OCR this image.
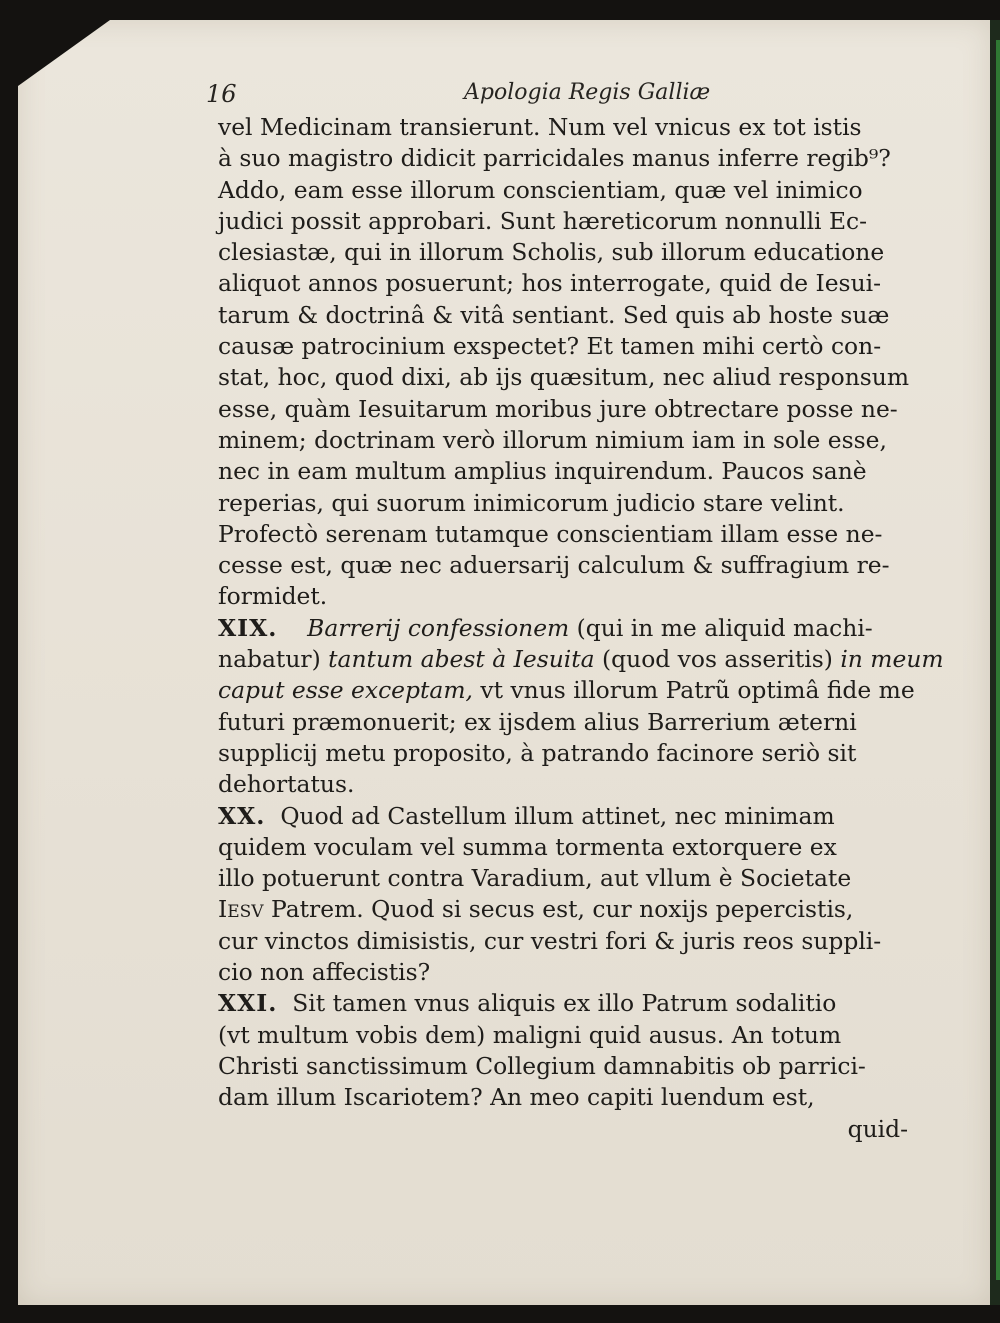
16	Apologia Regis Galliæ
vel Medicinam transierunt. Num vel vnicus ex tot istis
à suo magistro didicit parricidales manus inferre regib⁹?
Addo, eam esse illorum conscientiam, quæ vel inimico
judici possit approbari. Sunt hæreticorum nonnulli Ec-
clesiastæ, qui in illorum Scholis, sub illorum educatione
aliquot annos posuerunt; hos interrogate, quid de Iesui-
tarum & doctrinâ & vitâ sentiant. Sed quis ab hoste suæ
causæ patrocinium exspectet? Et tamen mihi certò con-
stat, hoc, quod dixi, ab ijs quæsitum, nec aliud responsum
esse, quàm Iesuitarum moribus jure obtrectare posse ne-
minem; doctrinam verò illorum nimium iam in sole esse,
nec in eam multum amplius inquirendum. Paucos sanè
reperias, qui suorum inimicorum judicio stare velint.
Profectò serenam tutamque conscientiam illam esse ne-
cesse est, quæ nec aduersarij calculum & suffragium re-
formidet.
XIX. Barrerij confessionem (qui in me aliquid machi-
nabatur) tantum abest à Iesuita (quod vos asseritis) in meum
caput esse exceptam, vt vnus illorum Patrũ optimâ fide me
futuri præmonuerit; ex ijsdem alius Barrerium æterni
supplicij metu proposito, à patrando facinore seriò sit
dehortatus.
XX.  Quod ad Castellum illum attinet, nec minimam
quidem voculam vel summa tormenta extorquere ex
illo potuerunt contra Varadium, aut vllum è Societate
IESV Patrem. Quod si secus est, cur noxijs pepercistis,
cur vinctos dimisistis, cur vestri fori & juris reos suppli-
cio non affecistis?
XXI.  Sit tamen vnus aliquis ex illo Patrum sodalitio
(vt multum vobis dem) maligni quid ausus. An totum
Christi sanctissimum Collegium damnabitis ob parrici-
dam illum Iscariotem? An meo capiti luendum est,
quid-
